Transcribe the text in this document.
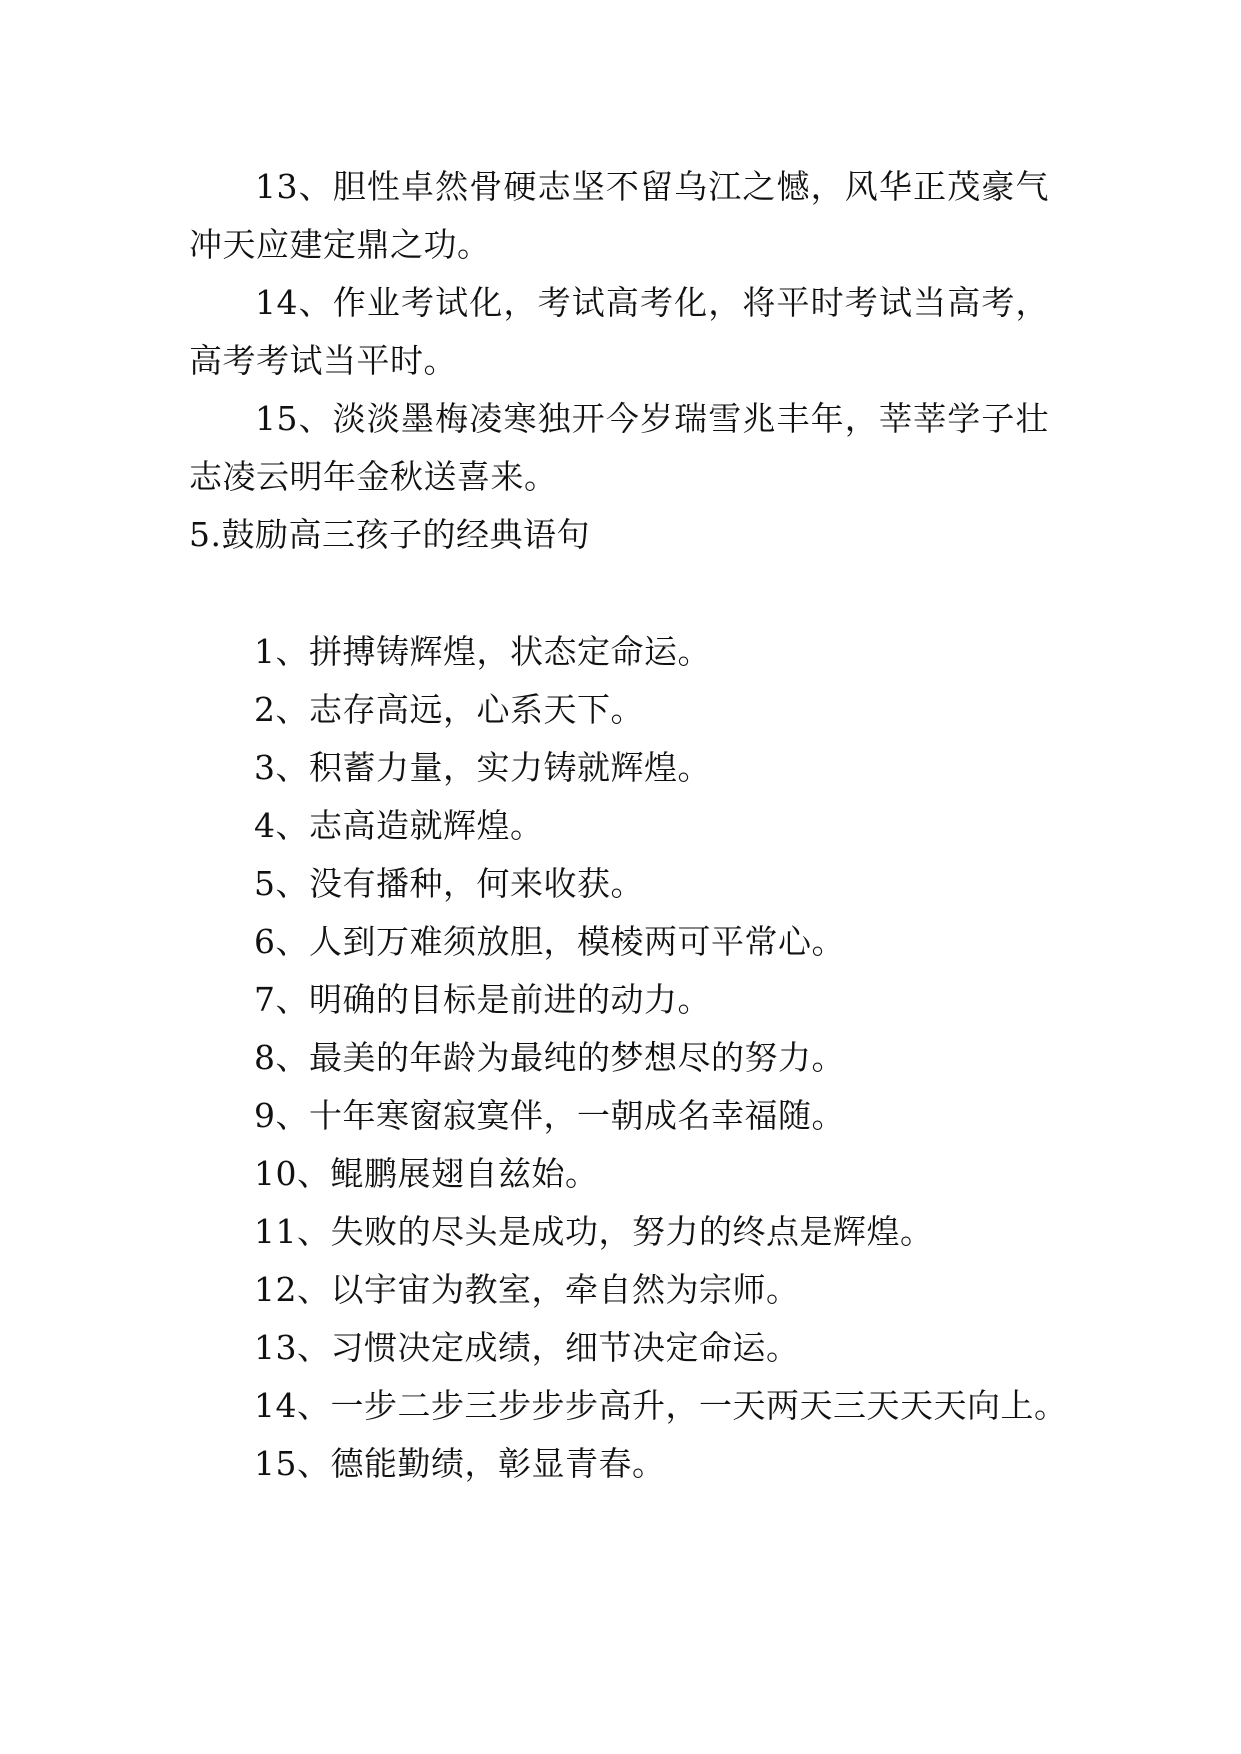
13、胆性卓然骨硬志坚不留乌江之憾，风华正茂豪气冲天应建定鼎之功。

14、作业考试化，考试高考化，将平时考试当高考，高考考试当平时。

15、淡淡墨梅凌寒独开今岁瑞雪兆丰年，莘莘学子壮志凌云明年金秋送喜来。

5.鼓励高三孩子的经典语句

1、拼搏铸辉煌，状态定命运。

2、志存高远，心系天下。

3、积蓄力量，实力铸就辉煌。

4、志高造就辉煌。

5、没有播种，何来收获。

6、人到万难须放胆，模棱两可平常心。

7、明确的目标是前进的动力。

8、最美的年龄为最纯的梦想尽的努力。

9、十年寒窗寂寞伴，一朝成名幸福随。

10、鲲鹏展翅自兹始。

11、失败的尽头是成功，努力的终点是辉煌。

12、以宇宙为教室，牵自然为宗师。

13、习惯决定成绩，细节决定命运。

14、一步二步三步步步高升，一天两天三天天天向上。

15、德能勤绩，彰显青春。
